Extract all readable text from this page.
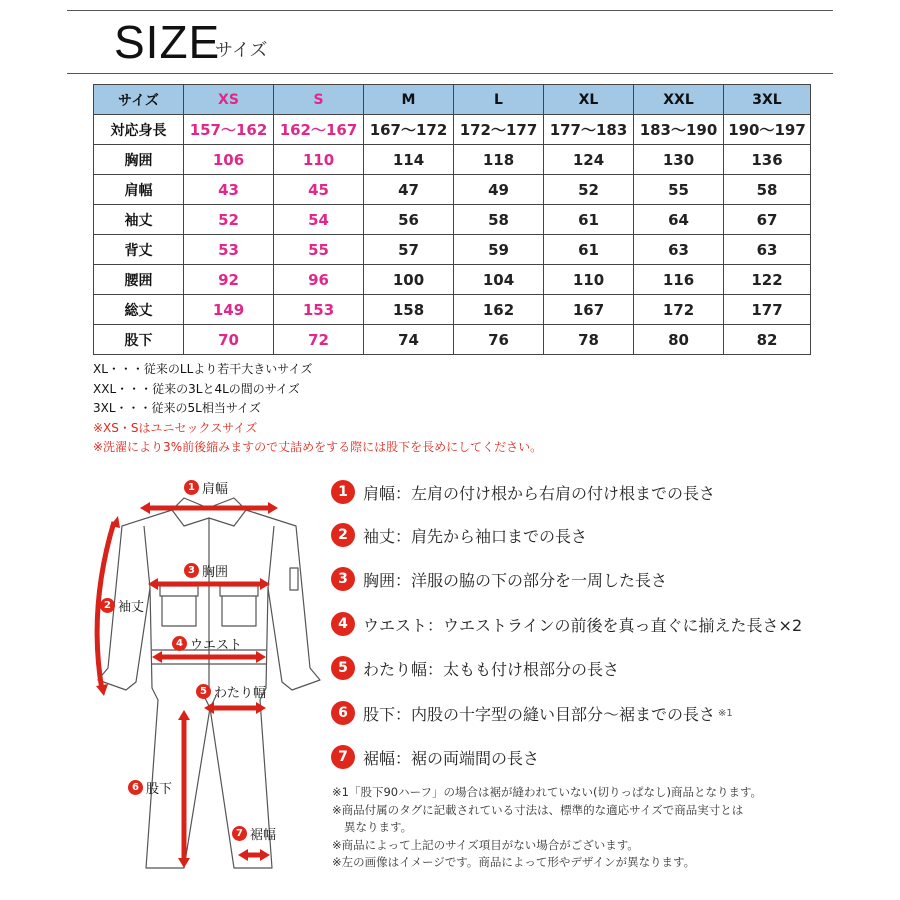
SIZE
サイズ
サイズ	XS	S	M	L	XL	XXL	3XL
対応身長	157〜162	162〜167	167〜172	172〜177	177〜183	183〜190	190〜197
胸囲	106	110	114	118	124	130	136
肩幅	43	45	47	49	52	55	58
袖丈	52	54	56	58	61	64	67
背丈	53	55	57	59	61	63	63
腰囲	92	96	100	104	110	116	122
総丈	149	153	158	162	167	172	177
股下	70	72	74	76	78	80	82
XL・・・従来のLLより若干大きいサイズ
XXL・・・従来の3Lと4Lの間のサイズ
3XL・・・従来の5L相当サイズ
※XS・Sはユニセックスサイズ
※洗濯により3%前後縮みますので丈詰めをする際には股下を長めにしてください。
1 肩幅
2 袖丈
3 胸囲
4 ウエスト
5 わたり幅
6 股下
7 裾幅
1 肩幅 ：左肩の付け根から右肩の付け根までの長さ
2 袖丈 ：肩先から袖口までの長さ
3 胸囲 ：洋服の脇の下の部分を一周した長さ
4 ウエスト ：ウエストラインの前後を真っ直ぐに揃えた長さ×2
5 わたり幅 ：太もも付け根部分の長さ
6 股下 ：内股の十字型の縫い目部分〜裾までの長さ ※1
7 裾幅 ：裾の両端間の長さ
※1「股下90ハーフ」の場合は裾が縫われていない(切りっぱなし)商品となります。
※商品付属のタグに記載されている寸法は、標準的な適応サイズで商品実寸とは
異なります。
※商品によって上記のサイズ項目がない場合がございます。
※左の画像はイメージです。商品によって形やデザインが異なります。
